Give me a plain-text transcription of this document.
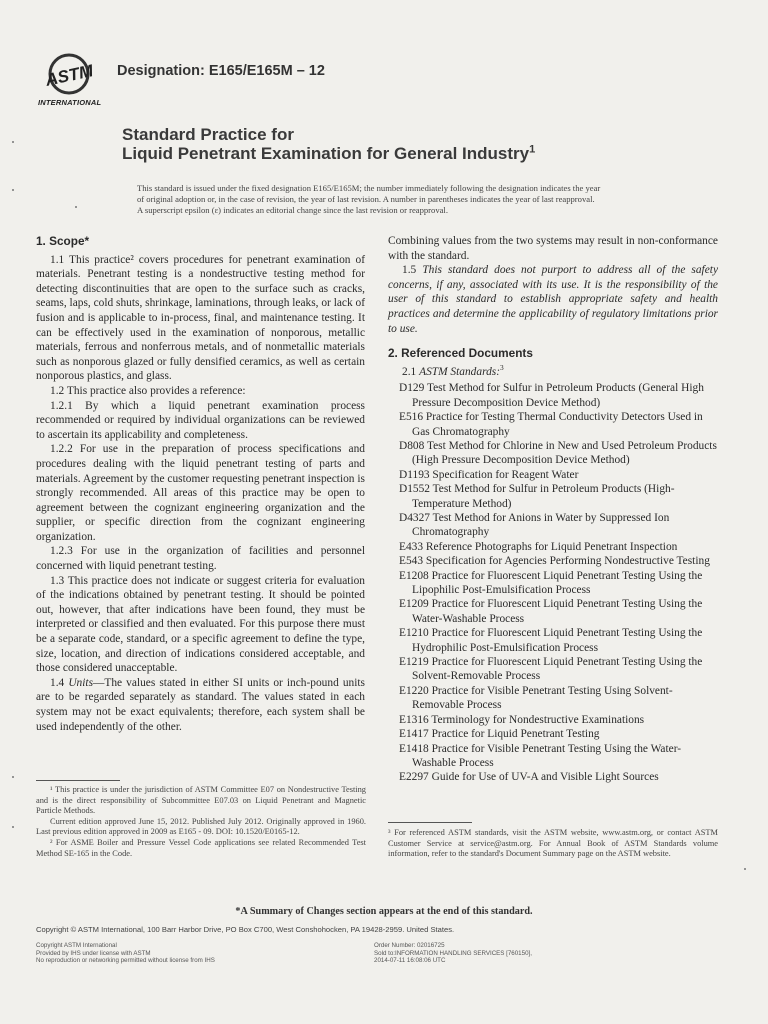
ASTM
INTERNATIONAL
Designation: E165/E165M – 12
Standard Practice for
Liquid Penetrant Examination for General Industry$^1$
This standard is issued under the fixed designation E165/E165M; the number immediately following the designation indicates the year
of original adoption or, in the case of revision, the year of last revision. A number in parentheses indicates the year of last reapproval.
A superscript epsilon (ε) indicates an editorial change since the last revision or reapproval.

1. Scope*

1.1 This practice² covers procedures for penetrant examination of materials. Penetrant testing is a nondestructive testing method for detecting discontinuities that are open to the surface such as cracks, seams, laps, cold shuts, shrinkage, laminations, through leaks, or lack of fusion and is applicable to in-process, final, and maintenance testing. It can be effectively used in the examination of nonporous, metallic materials, ferrous and nonferrous metals, and of nonmetallic materials such as nonporous glazed or fully densified ceramics, as well as certain nonporous plastics, and glass.

1.2 This practice also provides a reference:

1.2.1 By which a liquid penetrant examination process recommended or required by individual organizations can be reviewed to ascertain its applicability and completeness.

1.2.2 For use in the preparation of process specifications and procedures dealing with the liquid penetrant testing of parts and materials. Agreement by the customer requesting penetrant inspection is strongly recommended. All areas of this practice may be open to agreement between the cognizant engineering organization and the supplier, or specific direction from the cognizant engineering organization.

1.2.3 For use in the organization of facilities and personnel concerned with liquid penetrant testing.

1.3 This practice does not indicate or suggest criteria for evaluation of the indications obtained by penetrant testing. It should be pointed out, however, that after indications have been found, they must be interpreted or classified and then evaluated. For this purpose there must be a separate code, standard, or a specific agreement to define the type, size, location, and direction of indications considered acceptable, and those considered unacceptable.

1.4 Units—The values stated in either SI units or inch-pound units are to be regarded separately as standard. The values stated in each system may not be exact equivalents; therefore, each system shall be used independently of the other.

¹ This practice is under the jurisdiction of ASTM Committee E07 on Nondestructive Testing and is the direct responsibility of Subcommittee E07.03 on Liquid Penetrant and Magnetic Particle Methods.
Current edition approved June 15, 2012. Published July 2012. Originally approved in 1960. Last previous edition approved in 2009 as E165 - 09. DOI: 10.1520/E0165-12.
² For ASME Boiler and Pressure Vessel Code applications see related Recommended Test Method SE-165 in the Code.

Combining values from the two systems may result in non-conformance with the standard.

1.5 This standard does not purport to address all of the safety concerns, if any, associated with its use. It is the responsibility of the user of this standard to establish appropriate safety and health practices and determine the applicability of regulatory limitations prior to use.

2. Referenced Documents

2.1 ASTM Standards:$^3$

D129 Test Method for Sulfur in Petroleum Products (General High Pressure Decomposition Device Method)
E516 Practice for Testing Thermal Conductivity Detectors Used in Gas Chromatography
D808 Test Method for Chlorine in New and Used Petroleum Products (High Pressure Decomposition Device Method)
D1193 Specification for Reagent Water
D1552 Test Method for Sulfur in Petroleum Products (High-Temperature Method)
D4327 Test Method for Anions in Water by Suppressed Ion Chromatography
E433 Reference Photographs for Liquid Penetrant Inspection
E543 Specification for Agencies Performing Nondestructive Testing
E1208 Practice for Fluorescent Liquid Penetrant Testing Using the Lipophilic Post-Emulsification Process
E1209 Practice for Fluorescent Liquid Penetrant Testing Using the Water-Washable Process
E1210 Practice for Fluorescent Liquid Penetrant Testing Using the Hydrophilic Post-Emulsification Process
E1219 Practice for Fluorescent Liquid Penetrant Testing Using the Solvent-Removable Process
E1220 Practice for Visible Penetrant Testing Using Solvent-Removable Process
E1316 Terminology for Nondestructive Examinations
E1417 Practice for Liquid Penetrant Testing
E1418 Practice for Visible Penetrant Testing Using the Water-Washable Process
E2297 Guide for Use of UV-A and Visible Light Sources
³ For referenced ASTM standards, visit the ASTM website, www.astm.org, or contact ASTM Customer Service at service@astm.org. For Annual Book of ASTM Standards volume information, refer to the standard's Document Summary page on the ASTM website.
*A Summary of Changes section appears at the end of this standard.
Copyright © ASTM International, 100 Barr Harbor Drive, PO Box C700, West Conshohocken, PA 19428-2959. United States.
Copyright ASTM International
Provided by IHS under license with ASTM
No reproduction or networking permitted without license from IHS
Order Number: 02016725
Sold to:INFORMATION HANDLING SERVICES [760150],
2014-07-11 16:08:06 UTC
